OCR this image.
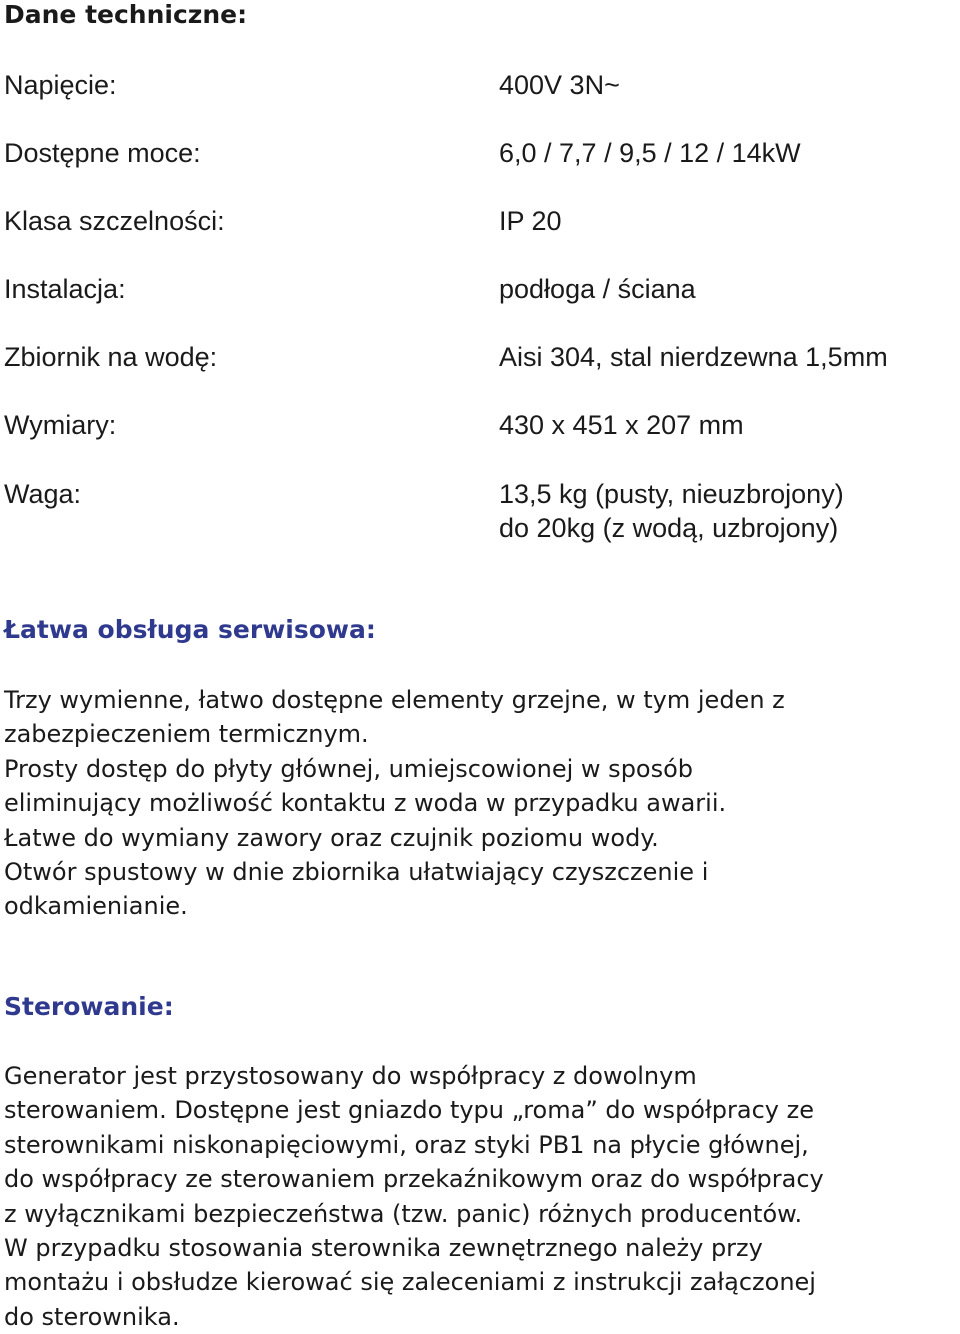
Dane techniczne:
Napięcie:	400V 3N~
Dostępne moce:	6,0 / 7,7 / 9,5 / 12 / 14kW
Klasa szczelności:	IP 20
Instalacja:	podłoga / ściana
Zbiornik na wodę:	Aisi 304, stal nierdzewna 1,5mm
Wymiary:	430 x 451 x 207 mm
Waga:	13,5 kg (pusty, nieuzbrojony)
do 20kg (z wodą, uzbrojony)
Łatwa obsługa serwisowa:
Trzy wymienne, łatwo dostępne elementy grzejne, w tym jeden z
zabezpieczeniem termicznym.
Prosty dostęp do płyty głównej, umiejscowionej w sposób
eliminujący możliwość kontaktu z woda w przypadku awarii.
Łatwe do wymiany zawory oraz czujnik poziomu wody.
Otwór spustowy w dnie zbiornika ułatwiający czyszczenie i
odkamienianie.
Sterowanie:
Generator jest przystosowany do współpracy z dowolnym
sterowaniem. Dostępne jest gniazdo typu „roma” do współpracy ze
sterownikami niskonapięciowymi, oraz styki PB1 na płycie głównej,
do współpracy ze sterowaniem przekaźnikowym oraz do współpracy
z wyłącznikami bezpieczeństwa (tzw. panic) różnych producentów.
W przypadku stosowania sterownika zewnętrznego należy przy
montażu i obsłudze kierować się zaleceniami z instrukcji załączonej
do sterownika.
